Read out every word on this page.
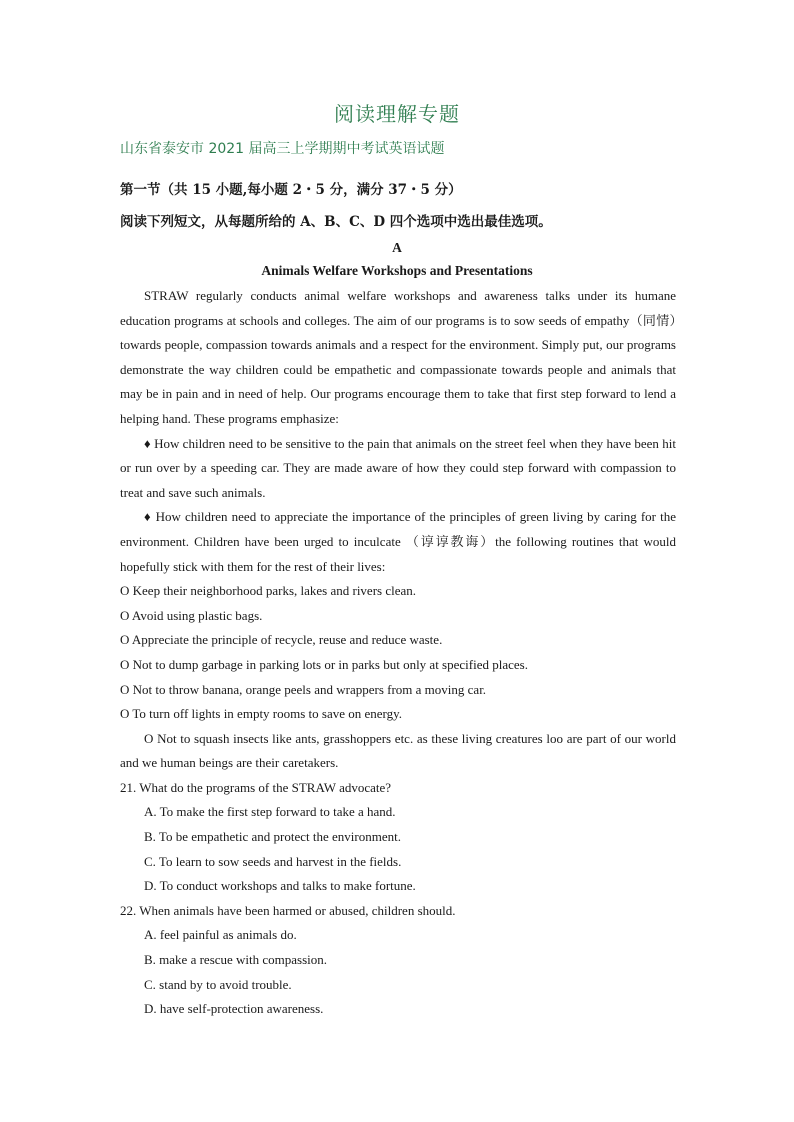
阅读理解专题
山东省泰安市 2021 届高三上学期期中考试英语试题
第一节（共 15 小题,每小题 2・5 分，满分 37・5 分）
阅读下列短文，从每题所给的 A、B、C、D 四个选项中选出最佳选项。
A
Animals Welfare Workshops and Presentations

STRAW regularly conducts animal welfare workshops and awareness talks under its humane education programs at schools and colleges. The aim of our programs is to sow seeds of empathy（同情）towards people, compassion towards animals and a respect for the environment. Simply put, our programs demonstrate the way children could be empathetic and compassionate towards people and animals that may be in pain and in need of help. Our programs encourage them to take that first step forward to lend a helping hand. These programs emphasize:

♦ How children need to be sensitive to the pain that animals on the street feel when they have been hit or run over by a speeding car. They are made aware of how they could step forward with compassion to treat and save such animals.

♦ How children need to appreciate the importance of the principles of green living by caring for the environment. Children have been urged to inculcate （谆谆教诲）the following routines that would hopefully stick with them for the rest of their lives:

O Keep their neighborhood parks, lakes and rivers clean.
O Avoid using plastic bags.
O Appreciate the principle of recycle, reuse and reduce waste.
O Not to dump garbage in parking lots or in parks but only at specified places.
O Not to throw banana, orange peels and wrappers from a moving car.
O To turn off lights in empty rooms to save on energy.

O Not to squash insects like ants, grasshoppers etc. as these living creatures loo are part of our world and we human beings are their caretakers.

21. What do the programs of the STRAW advocate?
A. To make the first step forward to take a hand.
B. To be empathetic and protect the environment.
C. To learn to sow seeds and harvest in the fields.
D. To conduct workshops and talks to make fortune.
22. When animals have been harmed or abused, children should.
A. feel painful as animals do.
B. make a rescue with compassion.
C. stand by to avoid trouble.
D. have self-protection awareness.
